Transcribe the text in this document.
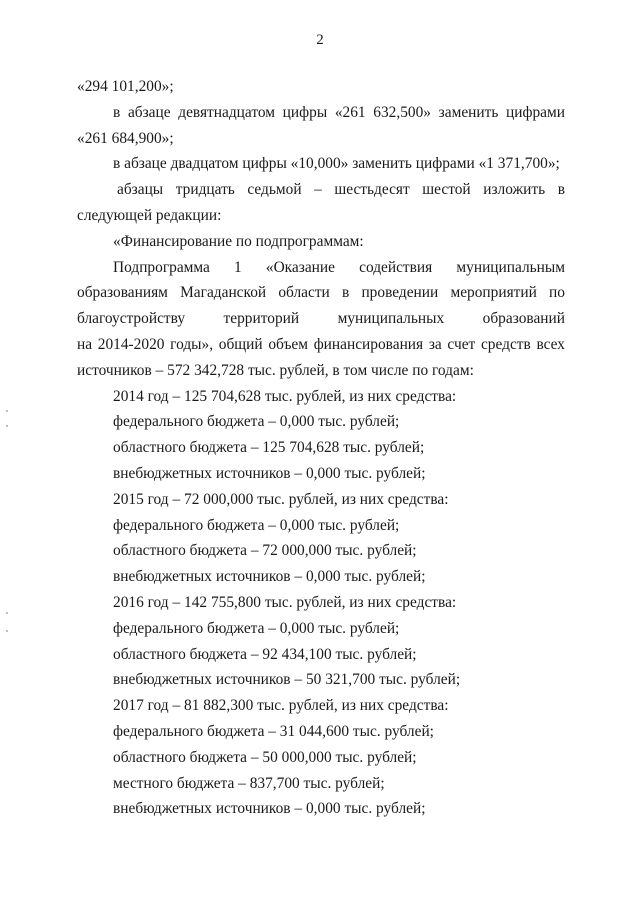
2
«294 101,200»;
в абзаце девятнадцатом цифры «261 632,500» заменить цифрами
«261 684,900»;
в абзаце двадцатом цифры «10,000» заменить цифрами «1 371,700»;
абзацы тридцать седьмой – шестьдесят шестой изложить в
следующей редакции:
«Финансирование по подпрограммам:
Подпрограмма 1 «Оказание содействия муниципальным
образованиям Магаданской области в проведении мероприятий по
благоустройству территорий муниципальных образований
на 2014-2020 годы», общий объем финансирования за счет средств всех
источников – 572 342,728 тыс. рублей, в том числе по годам:
2014 год – 125 704,628 тыс. рублей, из них средства:
федерального бюджета – 0,000 тыс. рублей;
областного бюджета – 125 704,628 тыс. рублей;
внебюджетных источников – 0,000 тыс. рублей;
2015 год – 72 000,000 тыс. рублей, из них средства:
федерального бюджета – 0,000 тыс. рублей;
областного бюджета – 72 000,000 тыс. рублей;
внебюджетных источников – 0,000 тыс. рублей;
2016 год – 142 755,800 тыс. рублей, из них средства:
федерального бюджета – 0,000 тыс. рублей;
областного бюджета – 92 434,100 тыс. рублей;
внебюджетных источников – 50 321,700 тыс. рублей;
2017 год – 81 882,300 тыс. рублей, из них средства:
федерального бюджета – 31 044,600 тыс. рублей;
областного бюджета – 50 000,000 тыс. рублей;
местного бюджета – 837,700 тыс. рублей;
внебюджетных источников – 0,000 тыс. рублей;
